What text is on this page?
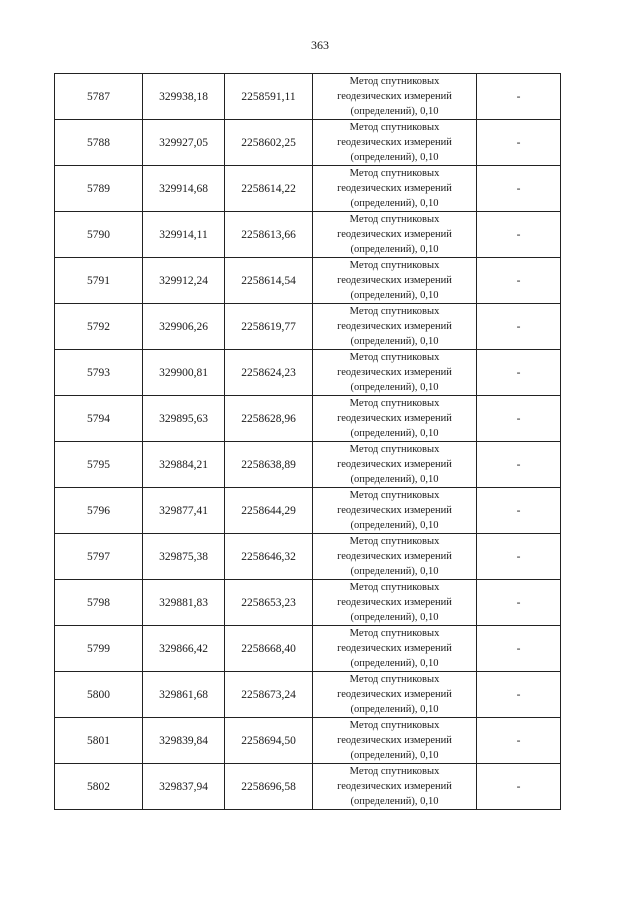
363
5787	329938,18	2258591,11	Метод спутниковых
геодезических измерений
(определений), 0,10	-
5788	329927,05	2258602,25	Метод спутниковых
геодезических измерений
(определений), 0,10	-
5789	329914,68	2258614,22	Метод спутниковых
геодезических измерений
(определений), 0,10	-
5790	329914,11	2258613,66	Метод спутниковых
геодезических измерений
(определений), 0,10	-
5791	329912,24	2258614,54	Метод спутниковых
геодезических измерений
(определений), 0,10	-
5792	329906,26	2258619,77	Метод спутниковых
геодезических измерений
(определений), 0,10	-
5793	329900,81	2258624,23	Метод спутниковых
геодезических измерений
(определений), 0,10	-
5794	329895,63	2258628,96	Метод спутниковых
геодезических измерений
(определений), 0,10	-
5795	329884,21	2258638,89	Метод спутниковых
геодезических измерений
(определений), 0,10	-
5796	329877,41	2258644,29	Метод спутниковых
геодезических измерений
(определений), 0,10	-
5797	329875,38	2258646,32	Метод спутниковых
геодезических измерений
(определений), 0,10	-
5798	329881,83	2258653,23	Метод спутниковых
геодезических измерений
(определений), 0,10	-
5799	329866,42	2258668,40	Метод спутниковых
геодезических измерений
(определений), 0,10	-
5800	329861,68	2258673,24	Метод спутниковых
геодезических измерений
(определений), 0,10	-
5801	329839,84	2258694,50	Метод спутниковых
геодезических измерений
(определений), 0,10	-
5802	329837,94	2258696,58	Метод спутниковых
геодезических измерений
(определений), 0,10	-
